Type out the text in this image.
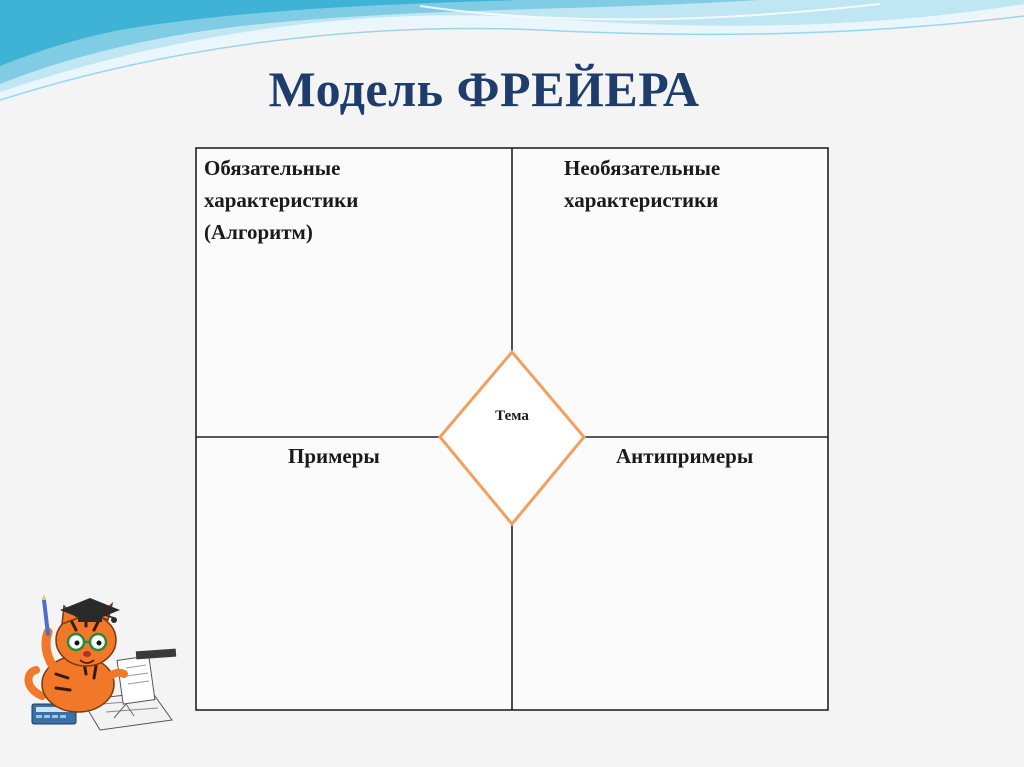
Модель ФРЕЙЕРА
Обязательные
характеристики
(Алгоритм)
Необязательные
характеристики
Примеры	Антипримеры
Тема
